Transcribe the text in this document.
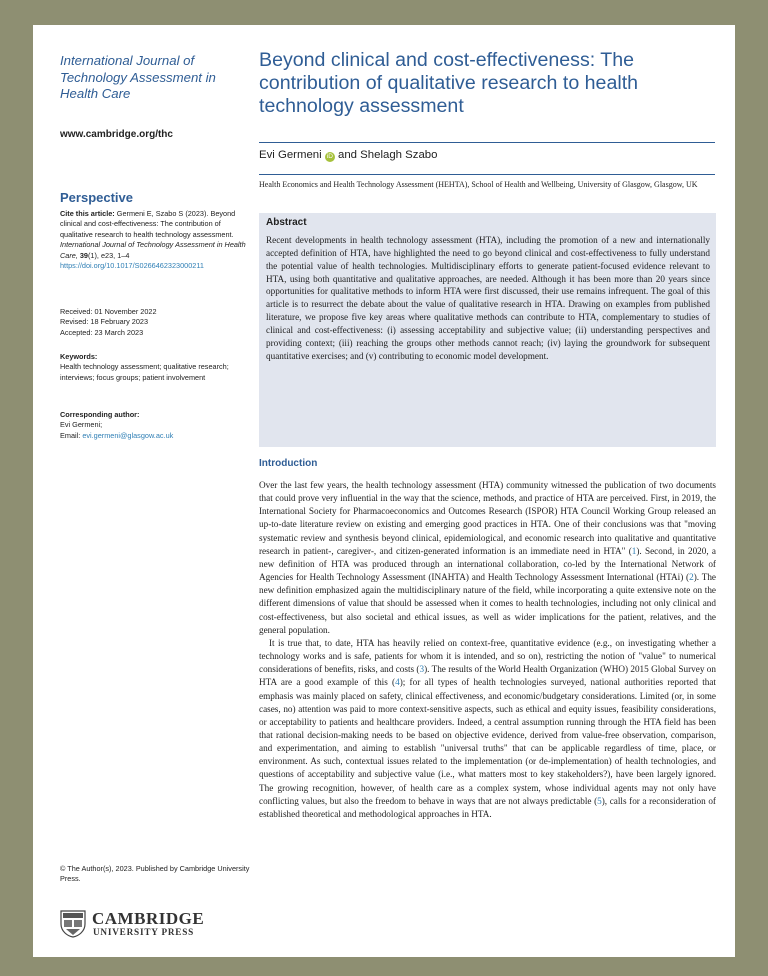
International Journal of Technology Assessment in Health Care
www.cambridge.org/thc
Perspective
Cite this article: Germeni E, Szabo S (2023). Beyond clinical and cost-effectiveness: The contribution of qualitative research to health technology assessment. International Journal of Technology Assessment in Health Care, 39(1), e23, 1–4
https://doi.org/10.1017/S0266462323000211
Received: 01 November 2022
Revised: 18 February 2023
Accepted: 23 March 2023
Keywords:
Health technology assessment; qualitative research; interviews; focus groups; patient involvement
Corresponding author:
Evi Germeni;
Email: evi.germeni@glasgow.ac.uk
© The Author(s), 2023. Published by Cambridge University Press.
CAMBRIDGE
UNIVERSITY PRESS
Beyond clinical and cost-effectiveness: The contribution of qualitative research to health technology assessment
Evi Germeni iD and Shelagh Szabo
Health Economics and Health Technology Assessment (HEHTA), School of Health and Wellbeing, University of Glasgow, Glasgow, UK
Abstract

Recent developments in health technology assessment (HTA), including the promotion of a new and internationally accepted definition of HTA, have highlighted the need to go beyond clinical and cost-effectiveness to fully understand the potential value of health technologies. Multidisciplinary efforts to generate patient-focused evidence relevant to HTA, using both quantitative and qualitative approaches, are needed. Although it has been more than 20 years since opportunities for qualitative methods to inform HTA were first discussed, their use remains infrequent. The goal of this article is to resurrect the debate about the value of qualitative research in HTA. Drawing on examples from published literature, we propose five key areas where qualitative methods can contribute to HTA, complementary to studies of clinical and cost-effectiveness: (i) assessing acceptability and subjective value; (ii) understanding perspectives and providing context; (iii) reaching the groups other methods cannot reach; (iv) laying the groundwork for subsequent quantitative exercises; and (v) contributing to economic model development.

Introduction

Over the last few years, the health technology assessment (HTA) community witnessed the publication of two documents that could prove very influential in the way that the science, methods, and practice of HTA are perceived. First, in 2019, the International Society for Pharmacoeconomics and Outcomes Research (ISPOR) HTA Council Working Group released an up-to-date literature review on existing and emerging good practices in HTA. One of their conclusions was that "moving systematic review and synthesis beyond clinical, epidemiological, and economic research into qualitative and quantitative research in patient-, caregiver-, and citizen-generated information is an immediate need in HTA" (1). Second, in 2020, a new definition of HTA was produced through an international collaboration, co-led by the International Network of Agencies for Health Technology Assessment (INAHTA) and Health Technology Assessment International (HTAi) (2). The new definition emphasized again the multidisciplinary nature of the field, while incorporating a quite extensive note on the different dimensions of value that should be assessed when it comes to health technologies, including not only clinical and cost-effectiveness, but also societal and ethical issues, as well as wider implications for the patient, relatives, and the general population.

It is true that, to date, HTA has heavily relied on context-free, quantitative evidence (e.g., on investigating whether a technology works and is safe, patients for whom it is intended, and so on), restricting the notion of "value" to numerical considerations of benefits, risks, and costs (3). The results of the World Health Organization (WHO) 2015 Global Survey on HTA are a good example of this (4); for all types of health technologies surveyed, national authorities reported that emphasis was mainly placed on safety, clinical effectiveness, and economic/budgetary considerations. Limited (or, in some cases, no) attention was paid to more context-sensitive aspects, such as ethical and equity issues, feasibility considerations, or acceptability to patients and healthcare providers. Indeed, a central assumption running through the HTA field has been that rational decision-making needs to be based on objective evidence, derived from value-free observation, comparison, and experimentation, and aiming to establish "universal truths" that can be applicable regardless of time, place, or environment. As such, contextual issues related to the implementation (or de-implementation) of health technologies, and questions of acceptability and subjective value (i.e., what matters most to key stakeholders?), have been largely ignored. The growing recognition, however, of health care as a complex system, whose individual agents may not only have conflicting values, but also the freedom to behave in ways that are not always predictable (5), calls for a reconsideration of established theoretical and methodological approaches in HTA.
